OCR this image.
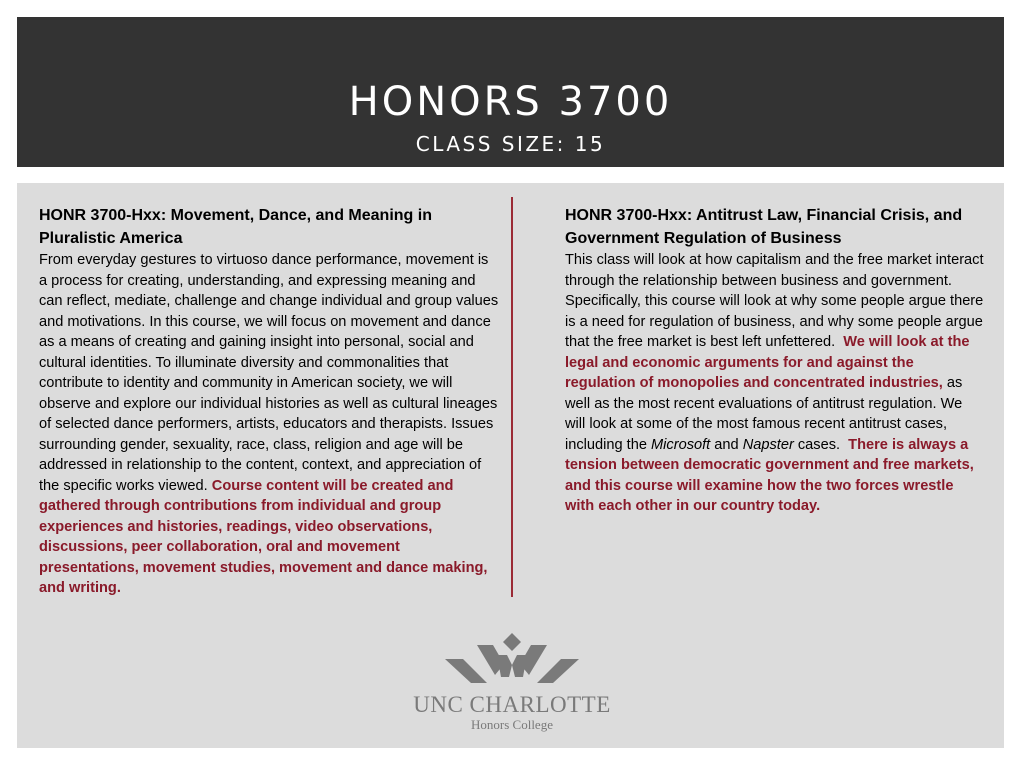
HONORS 3700
CLASS SIZE: 15

HONR 3700-Hxx: Movement, Dance, and Meaning in Pluralistic America

From everyday gestures to virtuoso dance performance, movement is a process for creating, understanding, and expressing meaning and can reflect, mediate, challenge and change individual and group values and motivations. In this course, we will focus on movement and dance as a means of creating and gaining insight into personal, social and cultural identities. To illuminate diversity and commonalities that contribute to identity and community in American society, we will observe and explore our individual histories as well as cultural lineages of selected dance performers, artists, educators and therapists. Issues surrounding gender, sexuality, race, class, religion and age will be addressed in relationship to the content, context, and appreciation of the specific works viewed. Course content will be created and gathered through contributions from individual and group experiences and histories, readings, video observations, discussions, peer collaboration, oral and movement presentations, movement studies, movement and dance making, and writing.

HONR 3700-Hxx: Antitrust Law, Financial Crisis, and Government Regulation of Business

This class will look at how capitalism and the free market interact through the relationship between business and government. Specifically, this course will look at why some people argue there is a need for regulation of business, and why some people argue that the free market is best left unfettered. We will look at the legal and economic arguments for and against the regulation of monopolies and concentrated industries, as well as the most recent evaluations of antitrust regulation. We will look at some of the most famous recent antitrust cases, including the Microsoft and Napster cases. There is always a tension between democratic government and free markets, and this course will examine how the two forces wrestle with each other in our country today.

UNC CHARLOTTE
Honors College
